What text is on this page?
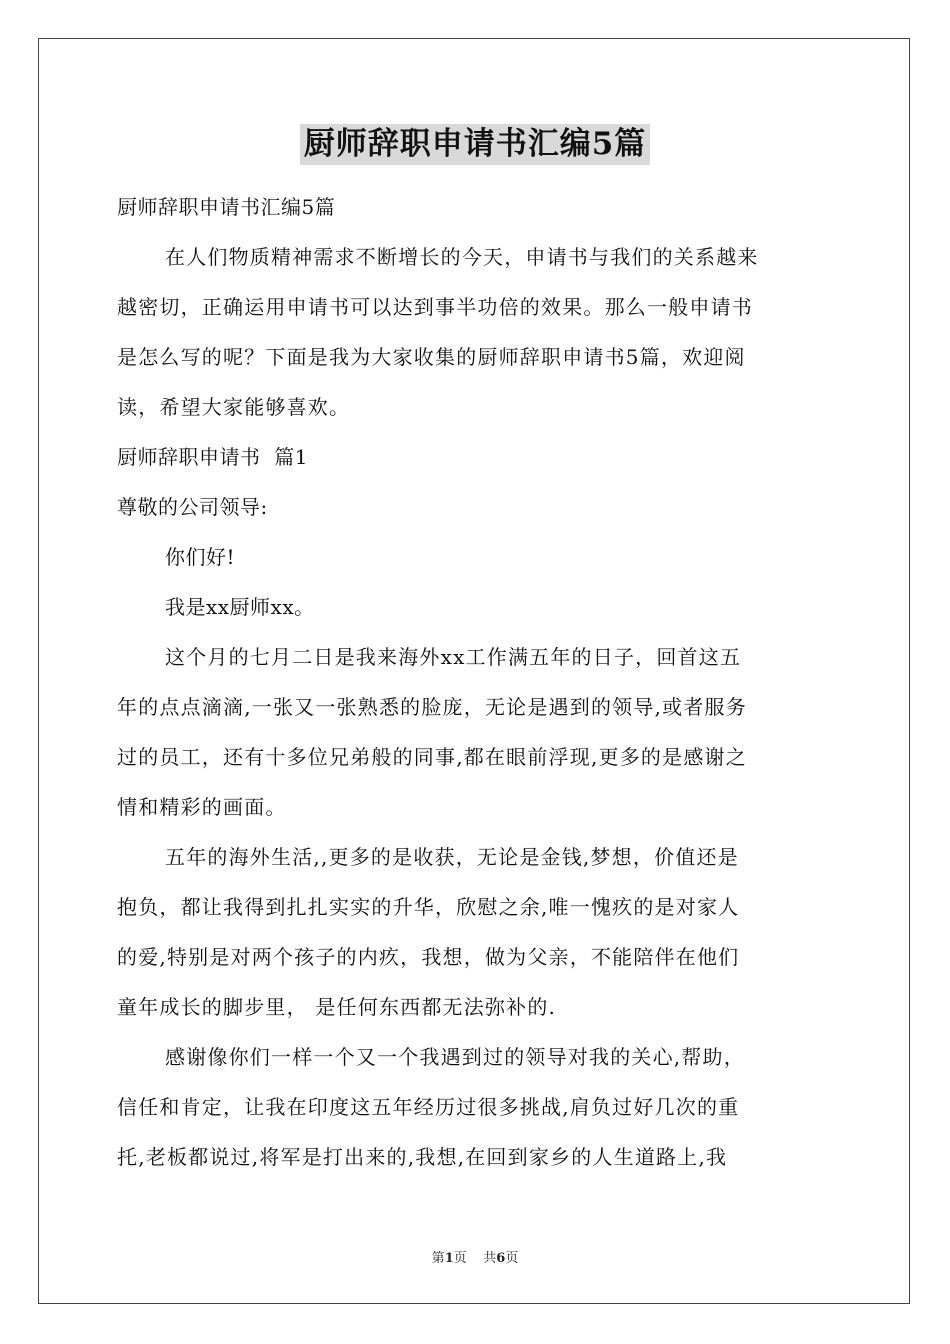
厨师辞职申请书汇编5篇
厨师辞职申请书汇编5篇

在人们物质精神需求不断增长的今天，申请书与我们的关系越来

越密切，正确运用申请书可以达到事半功倍的效果。那么一般申请书

是怎么写的呢？下面是我为大家收集的厨师辞职申请书5篇，欢迎阅

读，希望大家能够喜欢。

厨师辞职申请书  篇1
尊敬的公司领导:
你们好!
我是xx厨师xx。

这个月的七月二日是我来海外xx工作满五年的日子，回首这五

年的点点滴滴,一张又一张熟悉的脸庞，无论是遇到的领导,或者服务

过的员工，还有十多位兄弟般的同事,都在眼前浮现,更多的是感谢之

情和精彩的画面。

五年的海外生活,,更多的是收获，无论是金钱,梦想，价值还是

抱负，都让我得到扎扎实实的升华，欣慰之余,唯一愧疚的是对家人

的爱,特别是对两个孩子的内疚，我想，做为父亲，不能陪伴在他们

童年成长的脚步里， 是任何东西都无法弥补的.

感谢像你们一样一个又一个我遇到过的领导对我的关心,帮助，

信任和肯定，让我在印度这五年经历过很多挑战,肩负过好几次的重

托,老板都说过,将军是打出来的,我想,在回到家乡的人生道路上,我

第1页    共6页
